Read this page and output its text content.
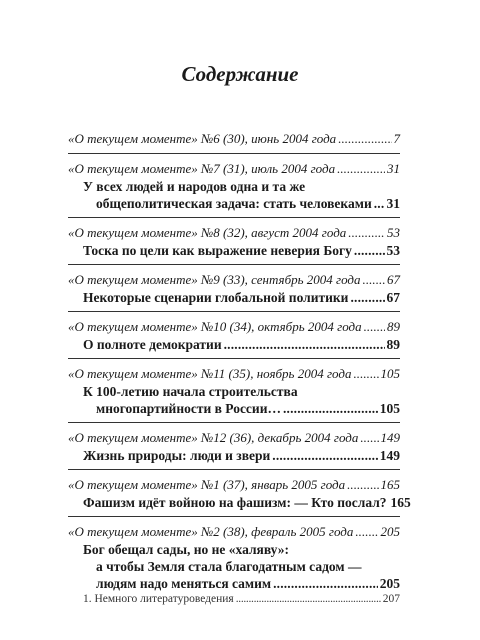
Содержание
«О текущем моменте» №6 (30), июнь 2004 года . . .	7
«О текущем моменте» №7 (31), июль 2004 года . . .	31
У всех людей и народов одна и та же
общеполитическая задача: стать человеками . . . 31
«О текущем моменте» №8 (32), август 2004 года . . .	53
Тоска по цели как выражение неверия Богу . . .	53
«О текущем моменте» №9 (33), сентябрь 2004 года . . . 67
Некоторые сценарии глобальной политики . . .	67
«О текущем моменте» №10 (34), октябрь 2004 года . . . 89
О полноте демократии . . .	89
«О текущем моменте» №11 (35), ноябрь 2004 года . . . 105
К 100-летию начала строительства
многопартийности в России… . . .	105
«О текущем моменте» №12 (36), декабрь 2004 года . . . 149
Жизнь природы: люди и звери . . .	149
«О текущем моменте» №1 (37), январь 2005 года . . .	165
Фашизм идёт войною на фашизм: — Кто послал? 165
«О текущем моменте» №2 (38), февраль 2005 года . . . 205
Бог обещал сады, но не «халяву»:
а чтобы Земля стала благодатным садом —
людям надо меняться самим . . .	205
1. Немного литературоведения . . .	207
